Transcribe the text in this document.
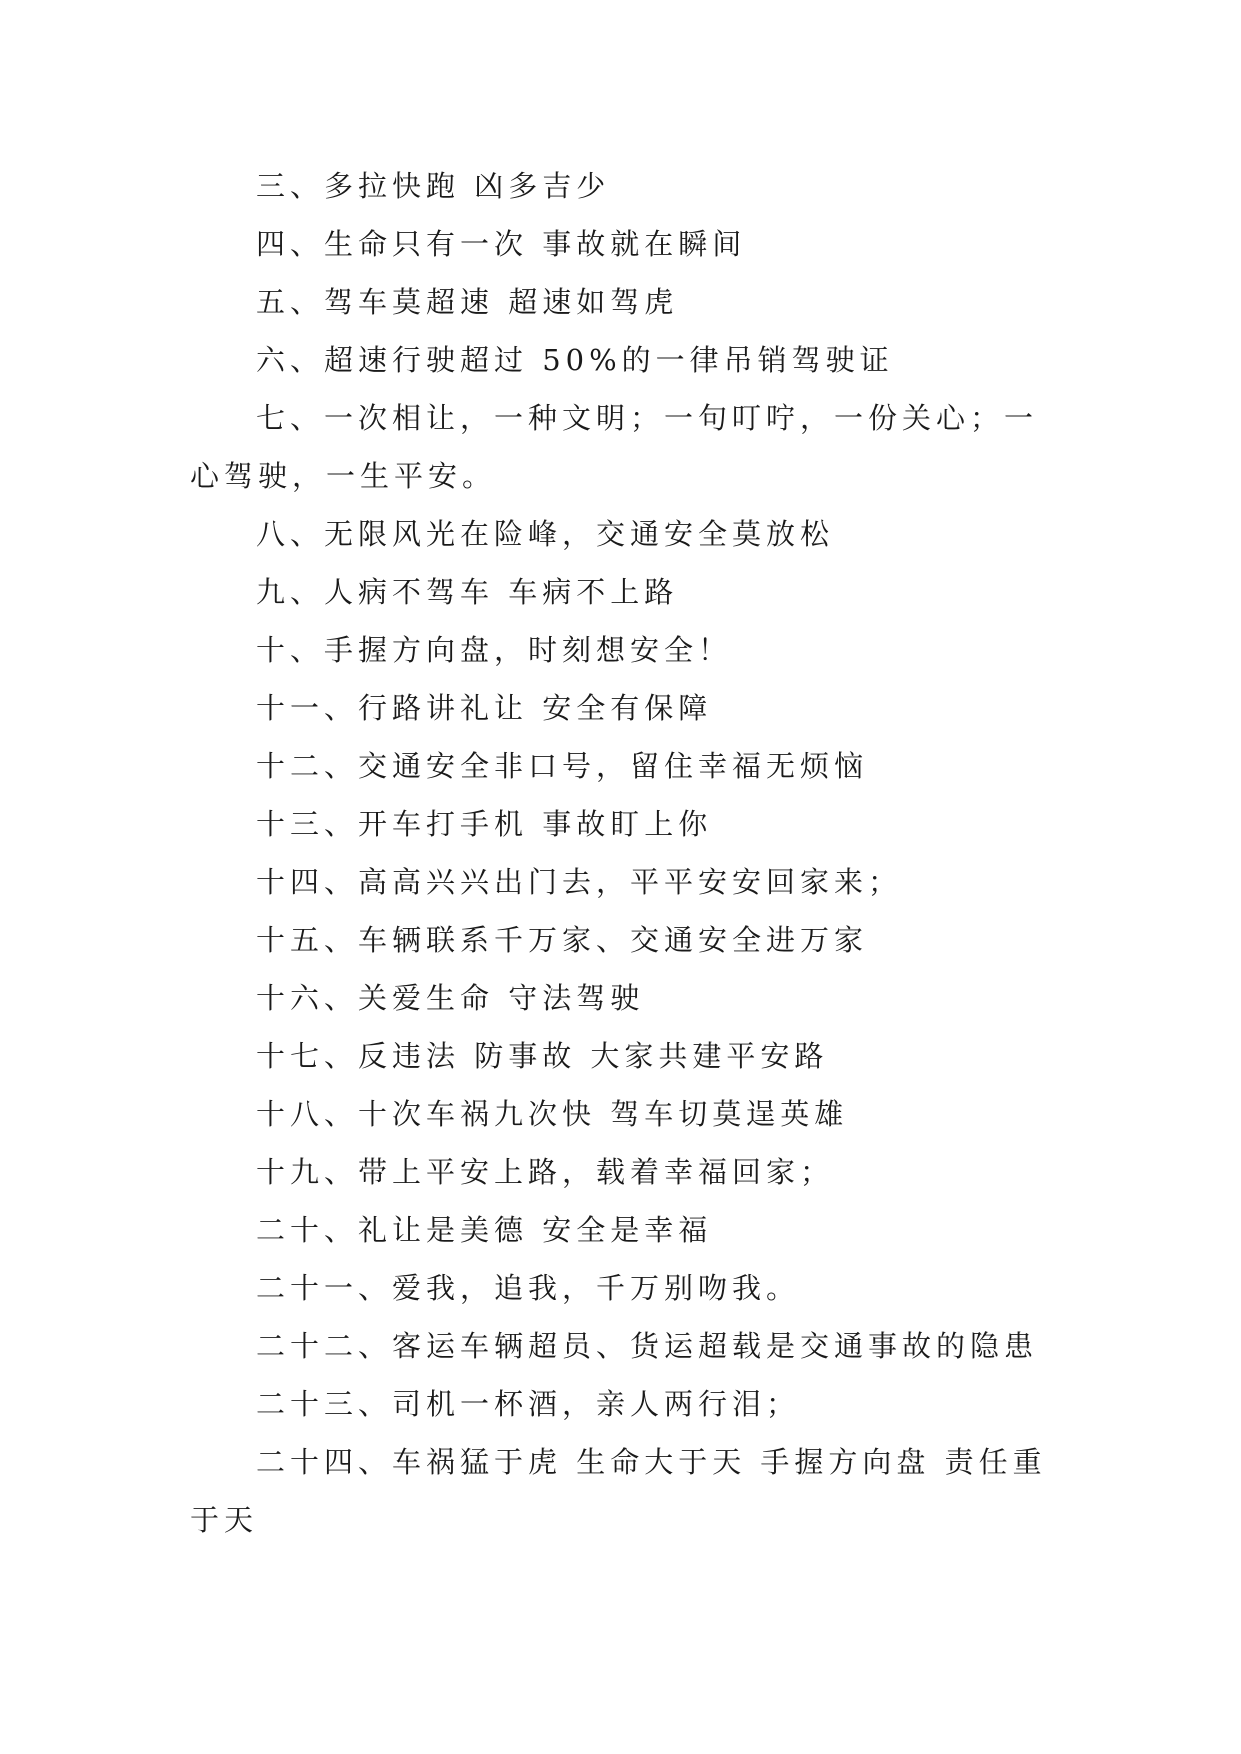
三、多拉快跑 凶多吉少

四、生命只有一次 事故就在瞬间

五、驾车莫超速 超速如驾虎

六、超速行驶超过 50%的一律吊销驾驶证

七、一次相让，一种文明；一句叮咛，一份关心；一心驾驶，一生平安。

八、无限风光在险峰，交通安全莫放松

九、人病不驾车 车病不上路

十、手握方向盘，时刻想安全！

十一、行路讲礼让 安全有保障

十二、交通安全非口号，留住幸福无烦恼

十三、开车打手机 事故盯上你

十四、高高兴兴出门去，平平安安回家来；

十五、车辆联系千万家、交通安全进万家

十六、关爱生命 守法驾驶

十七、反违法 防事故 大家共建平安路

十八、十次车祸九次快 驾车切莫逞英雄

十九、带上平安上路，载着幸福回家；

二十、礼让是美德 安全是幸福

二十一、爱我，追我，千万别吻我。

二十二、客运车辆超员、货运超载是交通事故的隐患

二十三、司机一杯酒，亲人两行泪；

二十四、车祸猛于虎 生命大于天 手握方向盘 责任重于天
